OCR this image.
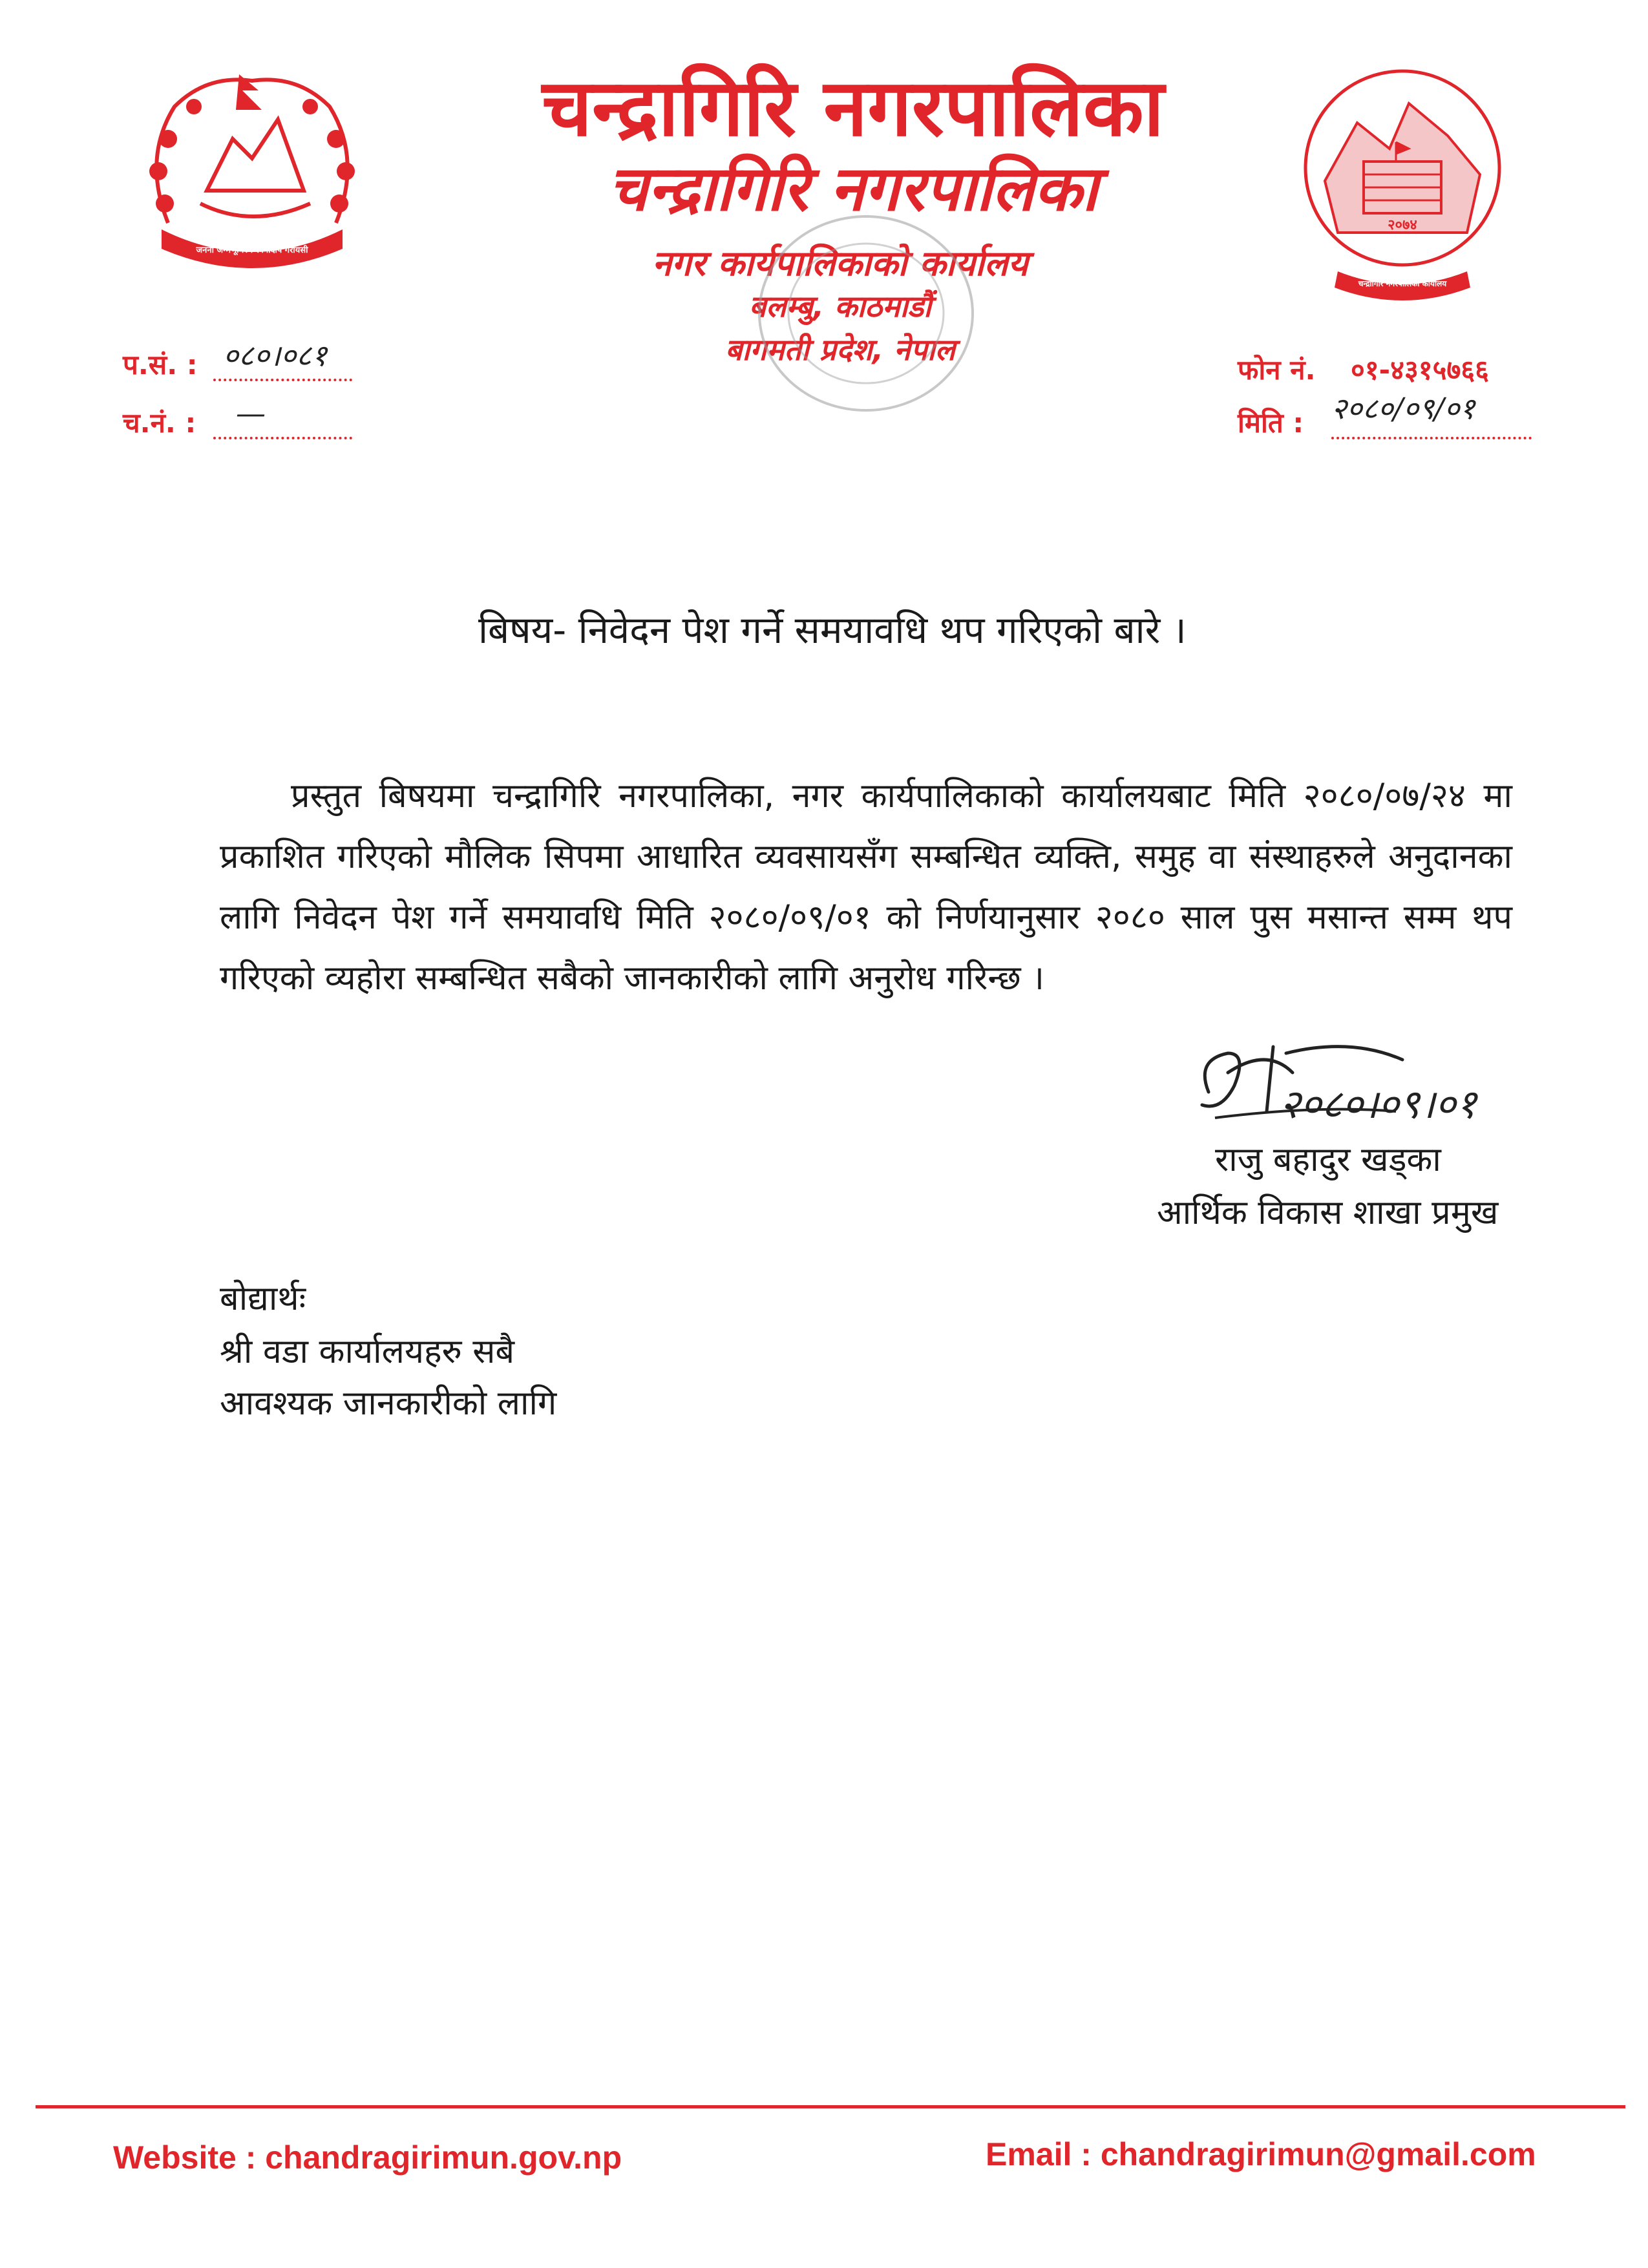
जननी जन्मभूमिश्च स्वर्गादपि गरीयसी
२०७४
चन्द्रागिरि नगरपालिका कार्यालय
चन्द्रागिरि नगरपालिका
चन्द्रागिरि नगरपालिका
नगर कार्यपालिकाको कार्यालय
बलम्बु, काठमाडौं
बागमती प्रदेश, नेपाल
प.सं. : ०८०।०८१
च.नं. : —
फोन नं. ०१-४३१५७६६
मिति : २०८०/०९/०१
बिषय- निवेदन पेश गर्ने समयावधि थप गरिएको बारे ।
प्रस्तुत बिषयमा चन्द्रागिरि नगरपालिका, नगर कार्यपालिकाको कार्यालयबाट मिति २०८०/०७/२४ मा प्रकाशित गरिएको मौलिक सिपमा आधारित व्यवसायसँग सम्बन्धित व्यक्ति, समुह वा संस्थाहरुले अनुदानका लागि निवेदन पेश गर्ने समयावधि मिति २०८०/०९/०१ को निर्णयानुसार २०८० साल पुस मसान्त सम्म थप गरिएको व्यहोरा सम्बन्धित सबैको जानकारीको लागि अनुरोध गरिन्छ ।
२०८०।०९।०१
राजु बहादुर खड्का
आर्थिक विकास शाखा प्रमुख
बोद्यार्थः
श्री वडा कार्यालयहरु सबै
आवश्यक जानकारीको लागि
Website : chandragirimun.gov.np	Email : chandragirimun@gmail.com
